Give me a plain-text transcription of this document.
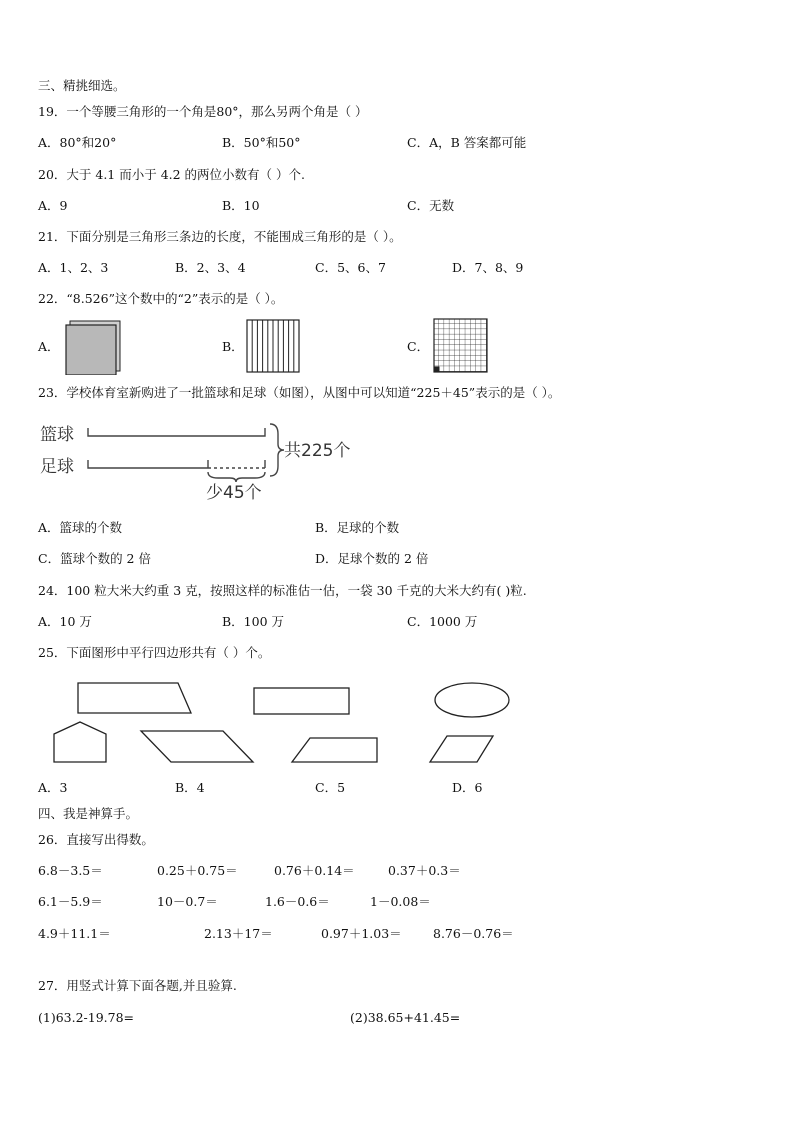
三、精挑细选。
19．一个等腰三角形的一个角是80°，那么另两个角是（ ）
A．80°和20°	B．50°和50°	C．A，B 答案都可能
20．大于 4.1 而小于 4.2 的两位小数有（ ）个.
A．9	B．10	C．无数
21．下面分别是三角形三条边的长度，不能围成三角形的是（ ）。
A．1、2、3	B．2、3、4	C．5、6、7	D．7、8、9
22．“8.526”这个数中的“2”表示的是（ ）。
A．	B．	C．
23．学校体育室新购进了一批篮球和足球（如图），从图中可以知道“225＋45”表示的是（ ）。
篮球
足球
共225个
少45个
A．篮球的个数	B．足球的个数
C．篮球个数的 2 倍	D．足球个数的 2 倍
24．100 粒大米大约重 3 克，按照这样的标准估一估，一袋 30 千克的大米大约有( )粒.
A．10 万	B．100 万	C．1000 万
25．下面图形中平行四边形共有（ ）个。
A．3	B．4	C．5	D．6
四、我是神算手。
26．直接写出得数。
6.8－3.5＝	0.25＋0.75＝	0.76＋0.14＝	0.37＋0.3＝
6.1－5.9＝	10－0.7＝	1.6－0.6＝	1－0.08＝
4.9＋11.1＝	2.13＋17＝	0.97＋1.03＝	8.76－0.76＝
27．用竖式计算下面各题,并且验算.
(1)63.2-19.78=	(2)38.65+41.45=
